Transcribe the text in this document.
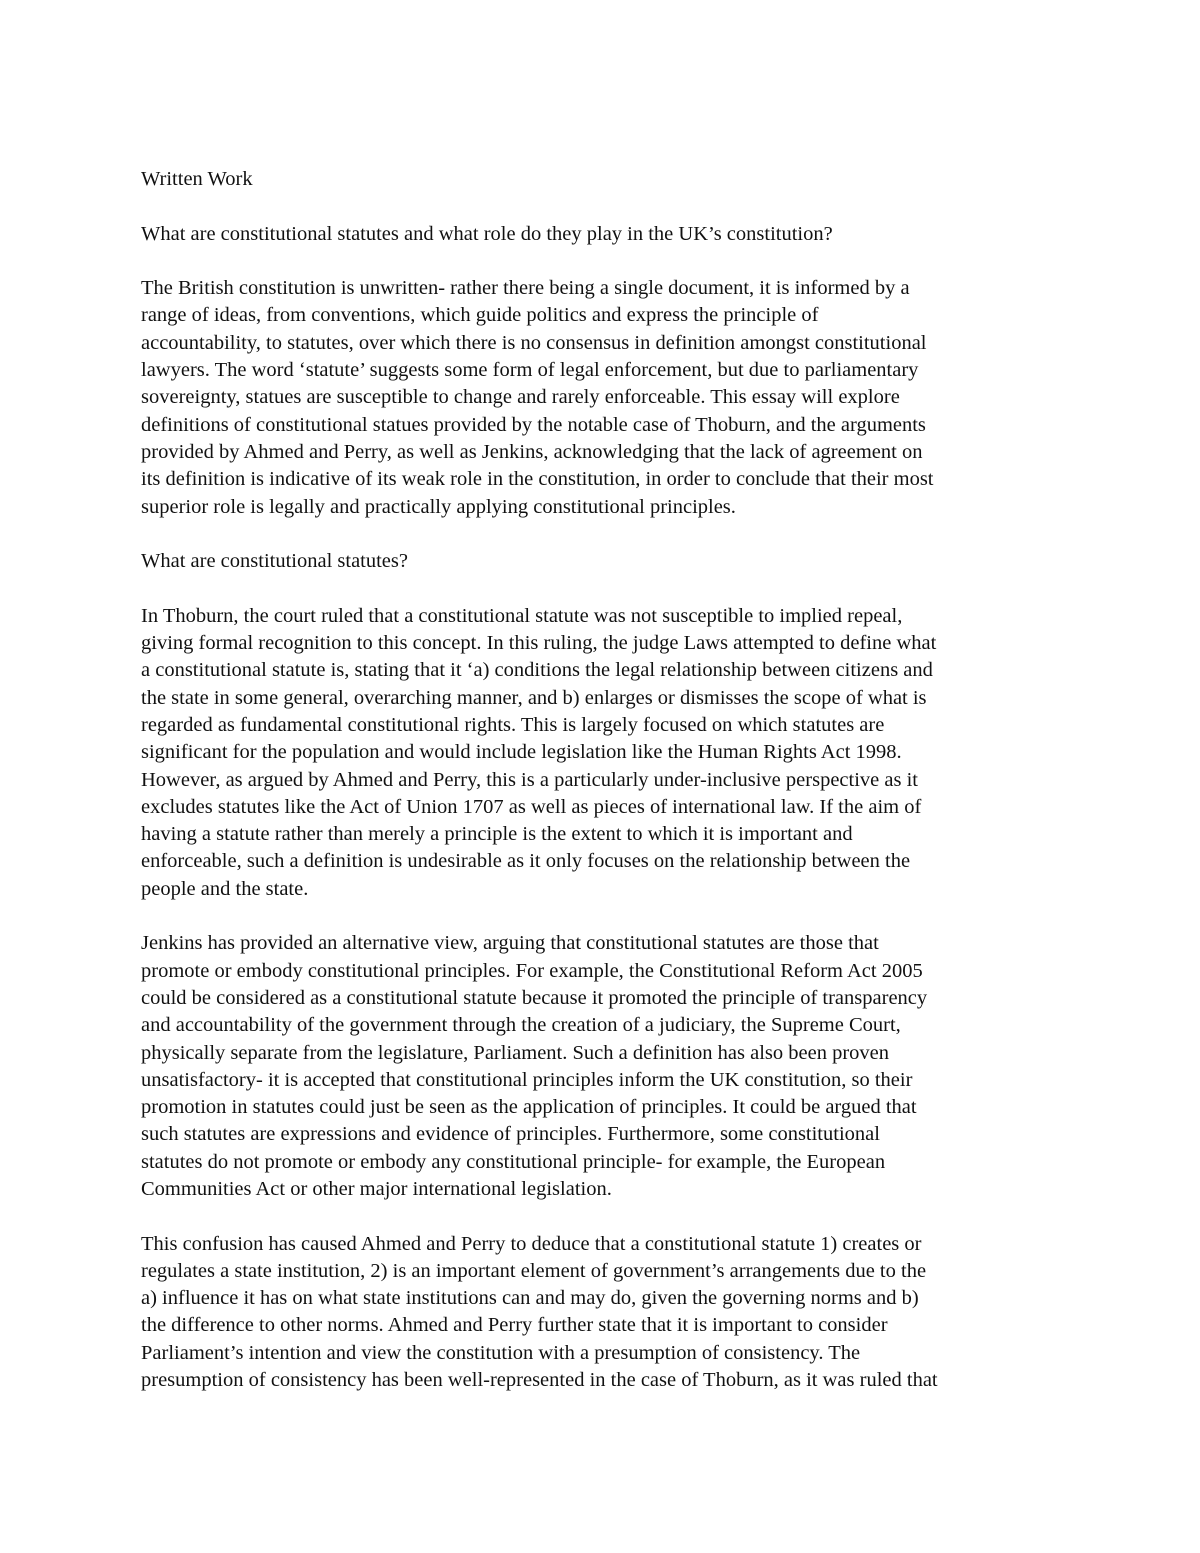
Written Work
What are constitutional statutes and what role do they play in the UK’s constitution?
The British constitution is unwritten- rather there being a single document, it is informed by a
range of ideas, from conventions, which guide politics and express the principle of
accountability, to statutes, over which there is no consensus in definition amongst constitutional
lawyers. The word ‘statute’ suggests some form of legal enforcement, but due to parliamentary
sovereignty, statues are susceptible to change and rarely enforceable. This essay will explore
definitions of constitutional statues provided by the notable case of Thoburn, and the arguments
provided by Ahmed and Perry, as well as Jenkins, acknowledging that the lack of agreement on
its definition is indicative of its weak role in the constitution, in order to conclude that their most
superior role is legally and practically applying constitutional principles.
What are constitutional statutes?
In Thoburn, the court ruled that a constitutional statute was not susceptible to implied repeal,
giving formal recognition to this concept. In this ruling, the judge Laws attempted to define what
a constitutional statute is, stating that it ‘a) conditions the legal relationship between citizens and
the state in some general, overarching manner, and b) enlarges or dismisses the scope of what is
regarded as fundamental constitutional rights. This is largely focused on which statutes are
significant for the population and would include legislation like the Human Rights Act 1998.
However, as argued by Ahmed and Perry, this is a particularly under-inclusive perspective as it
excludes statutes like the Act of Union 1707 as well as pieces of international law. If the aim of
having a statute rather than merely a principle is the extent to which it is important and
enforceable, such a definition is undesirable as it only focuses on the relationship between the
people and the state.
Jenkins has provided an alternative view, arguing that constitutional statutes are those that
promote or embody constitutional principles. For example, the Constitutional Reform Act 2005
could be considered as a constitutional statute because it promoted the principle of transparency
and accountability of the government through the creation of a judiciary, the Supreme Court,
physically separate from the legislature, Parliament. Such a definition has also been proven
unsatisfactory- it is accepted that constitutional principles inform the UK constitution, so their
promotion in statutes could just be seen as the application of principles. It could be argued that
such statutes are expressions and evidence of principles. Furthermore, some constitutional
statutes do not promote or embody any constitutional principle- for example, the European
Communities Act or other major international legislation.
This confusion has caused Ahmed and Perry to deduce that a constitutional statute 1) creates or
regulates a state institution, 2) is an important element of government’s arrangements due to the
a) influence it has on what state institutions can and may do, given the governing norms and b)
the difference to other norms. Ahmed and Perry further state that it is important to consider
Parliament’s intention and view the constitution with a presumption of consistency. The
presumption of consistency has been well-represented in the case of Thoburn, as it was ruled that
